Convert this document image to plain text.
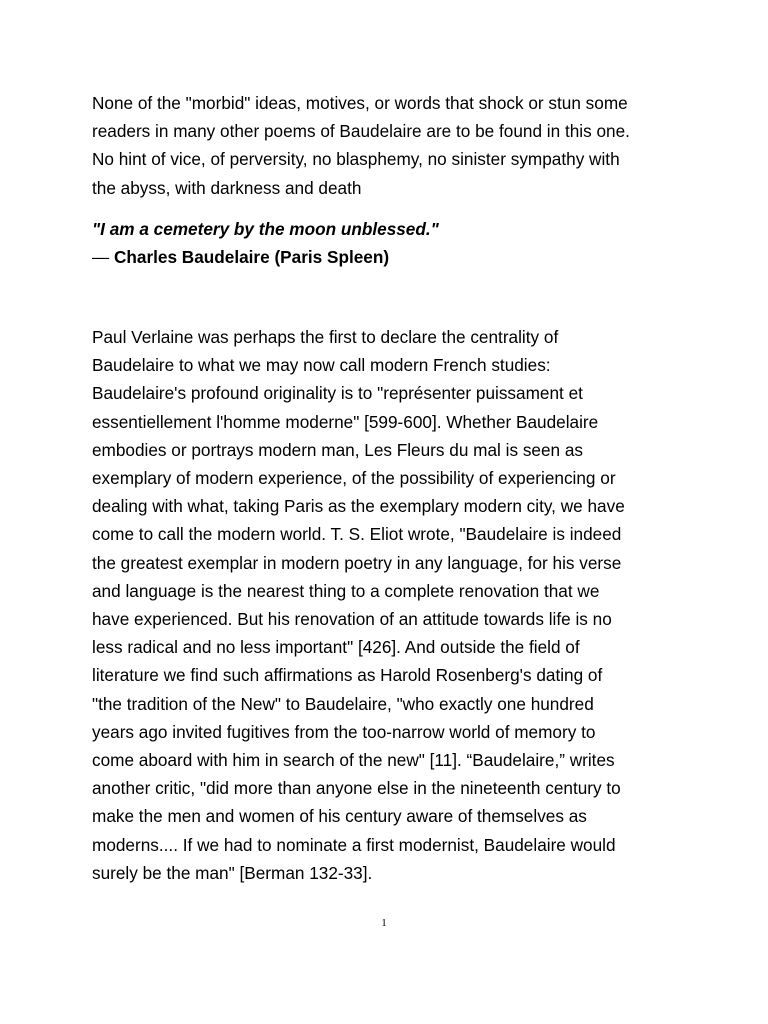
None of the "morbid" ideas, motives, or words that shock or stun some
readers in many other poems of Baudelaire are to be found in this one.
No hint of vice, of perversity, no blasphemy, no sinister sympathy with
the abyss, with darkness and death
"I am a cemetery by the moon unblessed."
— Charles Baudelaire (Paris Spleen)
Paul Verlaine was perhaps the first to declare the centrality of
Baudelaire to what we may now call modern French studies:
Baudelaire's profound originality is to "représenter puissament et
essentiellement l'homme moderne" [599-600]. Whether Baudelaire
embodies or portrays modern man, Les Fleurs du mal is seen as
exemplary of modern experience, of the possibility of experiencing or
dealing with what, taking Paris as the exemplary modern city, we have
come to call the modern world. T. S. Eliot wrote, "Baudelaire is indeed
the greatest exemplar in modern poetry in any language, for his verse
and language is the nearest thing to a complete renovation that we
have experienced. But his renovation of an attitude towards life is no
less radical and no less important" [426]. And outside the field of
literature we find such affirmations as Harold Rosenberg's dating of
"the tradition of the New" to Baudelaire, "who exactly one hundred
years ago invited fugitives from the too-narrow world of memory to
come aboard with him in search of the new" [11]. “Baudelaire,” writes
another critic, "did more than anyone else in the nineteenth century to
make the men and women of his century aware of themselves as
moderns.... If we had to nominate a first modernist, Baudelaire would
surely be the man" [Berman 132-33].
1
